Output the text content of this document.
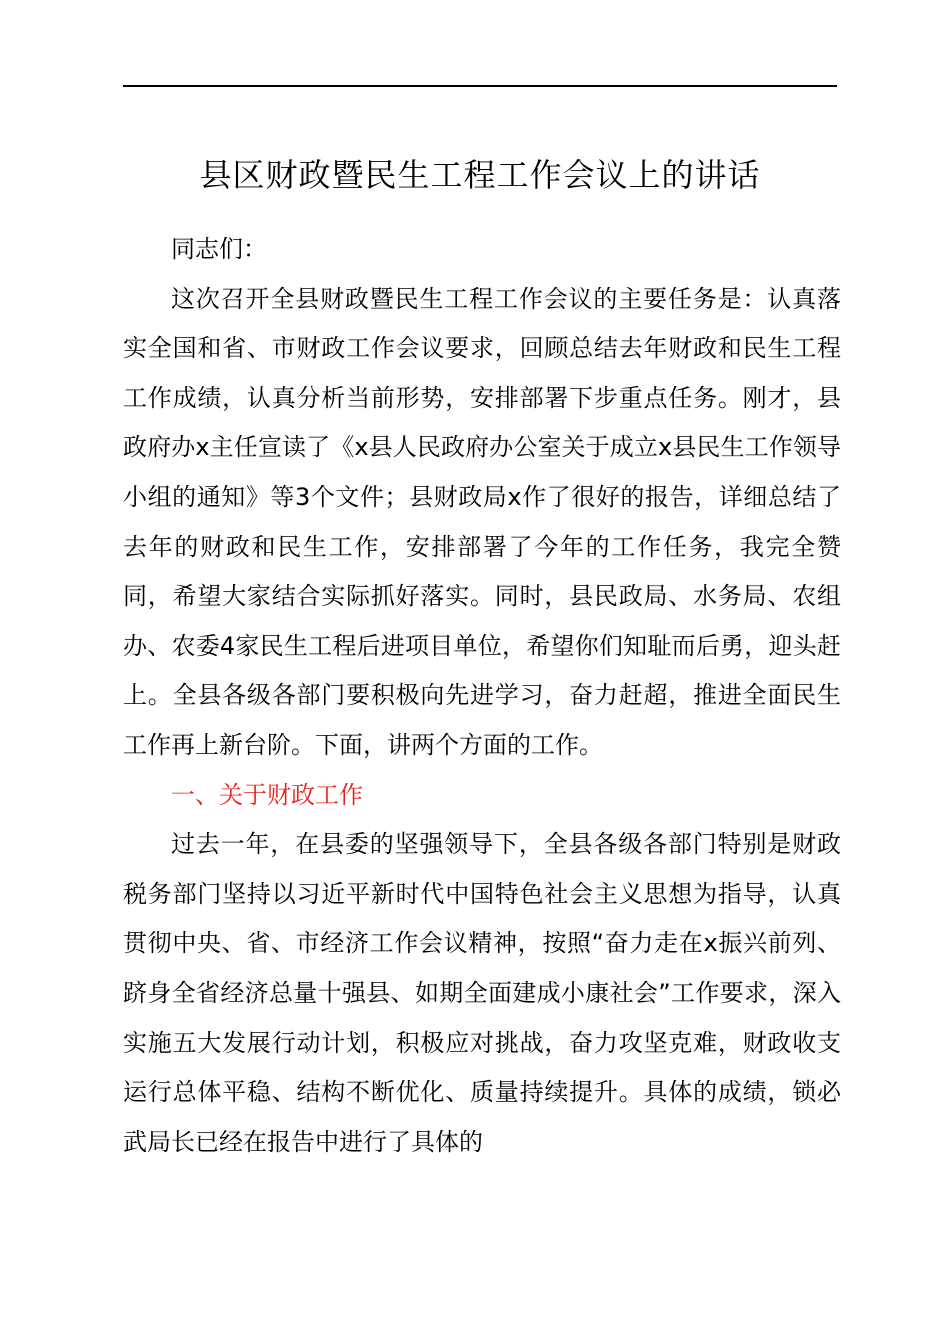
县区财政暨民生工程工作会议上的讲话

同志们：

这次召开全县财政暨民生工程工作会议的主要任务是：认真落实全国和省、市财政工作会议要求，回顾总结去年财政和民生工程工作成绩，认真分析当前形势，安排部署下步重点任务。刚才，县政府办x主任宣读了《x县人民政府办公室关于成立x县民生工作领导小组的通知》等3个文件；县财政局x作了很好的报告，详细总结了去年的财政和民生工作，安排部署了今年的工作任务，我完全赞同，希望大家结合实际抓好落实。同时，县民政局、水务局、农组办、农委4家民生工程后进项目单位，希望你们知耻而后勇，迎头赶上。全县各级各部门要积极向先进学习，奋力赶超，推进全面民生工作再上新台阶。下面，讲两个方面的工作。

一、关于财政工作

过去一年，在县委的坚强领导下，全县各级各部门特别是财政税务部门坚持以习近平新时代中国特色社会主义思想为指导，认真贯彻中央、省、市经济工作会议精神，按照“奋力走在x振兴前列、跻身全省经济总量十强县、如期全面建成小康社会”工作要求，深入实施五大发展行动计划，积极应对挑战，奋力攻坚克难，财政收支运行总体平稳、结构不断优化、质量持续提升。具体的成绩，锁必武局长已经在报告中进行了具体的
